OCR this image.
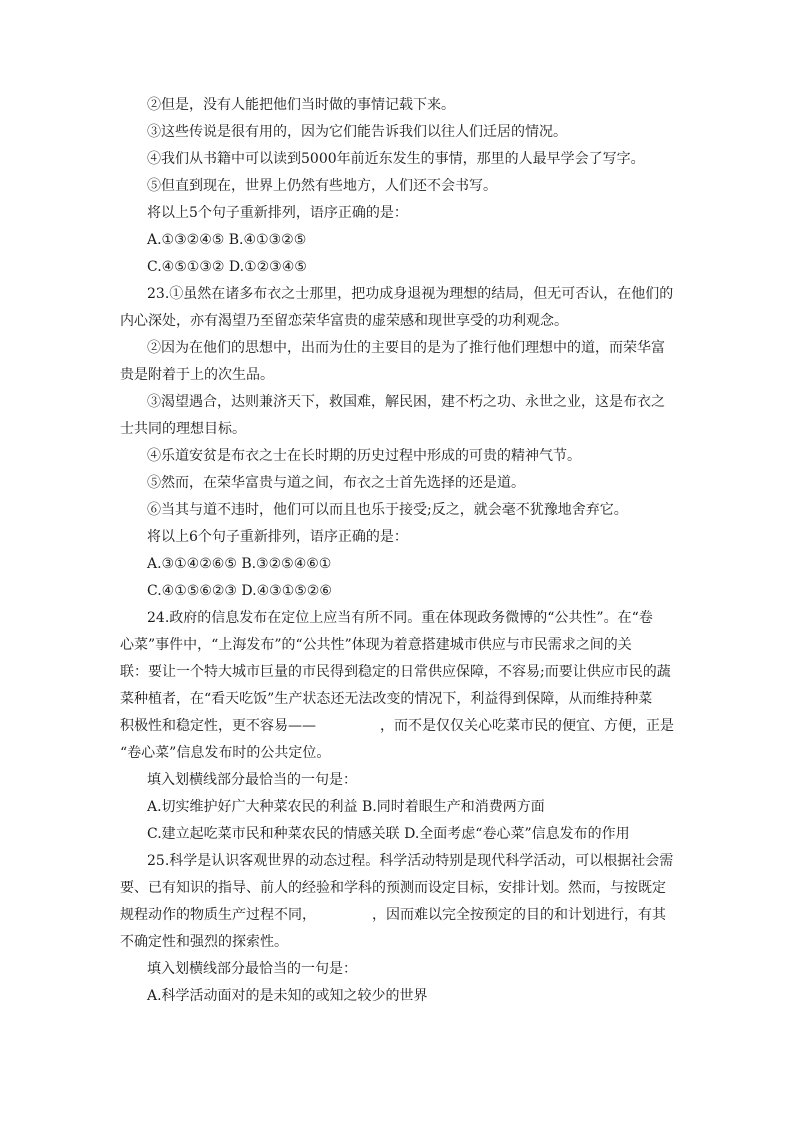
②但是，没有人能把他们当时做的事情记载下来。
③这些传说是很有用的，因为它们能告诉我们以往人们迁居的情况。
④我们从书籍中可以读到5000年前近东发生的事情，那里的人最早学会了写字。
⑤但直到现在，世界上仍然有些地方，人们还不会书写。
将以上5个句子重新排列，语序正确的是：
A.①③②④⑤ B.④①③②⑤
C.④⑤①③② D.①②③④⑤
23.①虽然在诸多布衣之士那里，把功成身退视为理想的结局，但无可否认，在他们的
内心深处，亦有渴望乃至留恋荣华富贵的虚荣感和现世享受的功利观念。
②因为在他们的思想中，出而为仕的主要目的是为了推行他们理想中的道，而荣华富
贵是附着于上的次生品。
③渴望遇合，达则兼济天下，救国难，解民困，建不朽之功、永世之业，这是布衣之
士共同的理想目标。
④乐道安贫是布衣之士在长时期的历史过程中形成的可贵的精神气节。
⑤然而，在荣华富贵与道之间，布衣之士首先选择的还是道。
⑥当其与道不违时，他们可以而且也乐于接受;反之，就会毫不犹豫地舍弃它。
将以上6个句子重新排列，语序正确的是：
A.③①④②⑥⑤ B.③②⑤④⑥①
C.④①⑤⑥②③ D.④③①⑤②⑥
24.政府的信息发布在定位上应当有所不同。重在体现政务微博的“公共性”。在“卷
心菜”事件中，“上海发布”的“公共性”体现为着意搭建城市供应与市民需求之间的关
联：要让一个特大城市巨量的市民得到稳定的日常供应保障，不容易;而要让供应市民的蔬
菜种植者，在“看天吃饭”生产状态还无法改变的情况下，利益得到保障，从而维持种菜
积极性和稳定性，更不容易——	，而不是仅仅关心吃菜市民的便宜、方便，正是
“卷心菜”信息发布时的公共定位。
填入划横线部分最恰当的一句是：
A.切实维护好广大种菜农民的利益 B.同时着眼生产和消费两方面
C.建立起吃菜市民和种菜农民的情感关联 D.全面考虑“卷心菜”信息发布的作用
25.科学是认识客观世界的动态过程。科学活动特别是现代科学活动，可以根据社会需
要、已有知识的指导、前人的经验和学科的预测而设定目标，安排计划。然而，与按既定
规程动作的物质生产过程不同，	，因而难以完全按预定的目的和计划进行，有其
不确定性和强烈的探索性。
填入划横线部分最恰当的一句是：
A.科学活动面对的是未知的或知之较少的世界
